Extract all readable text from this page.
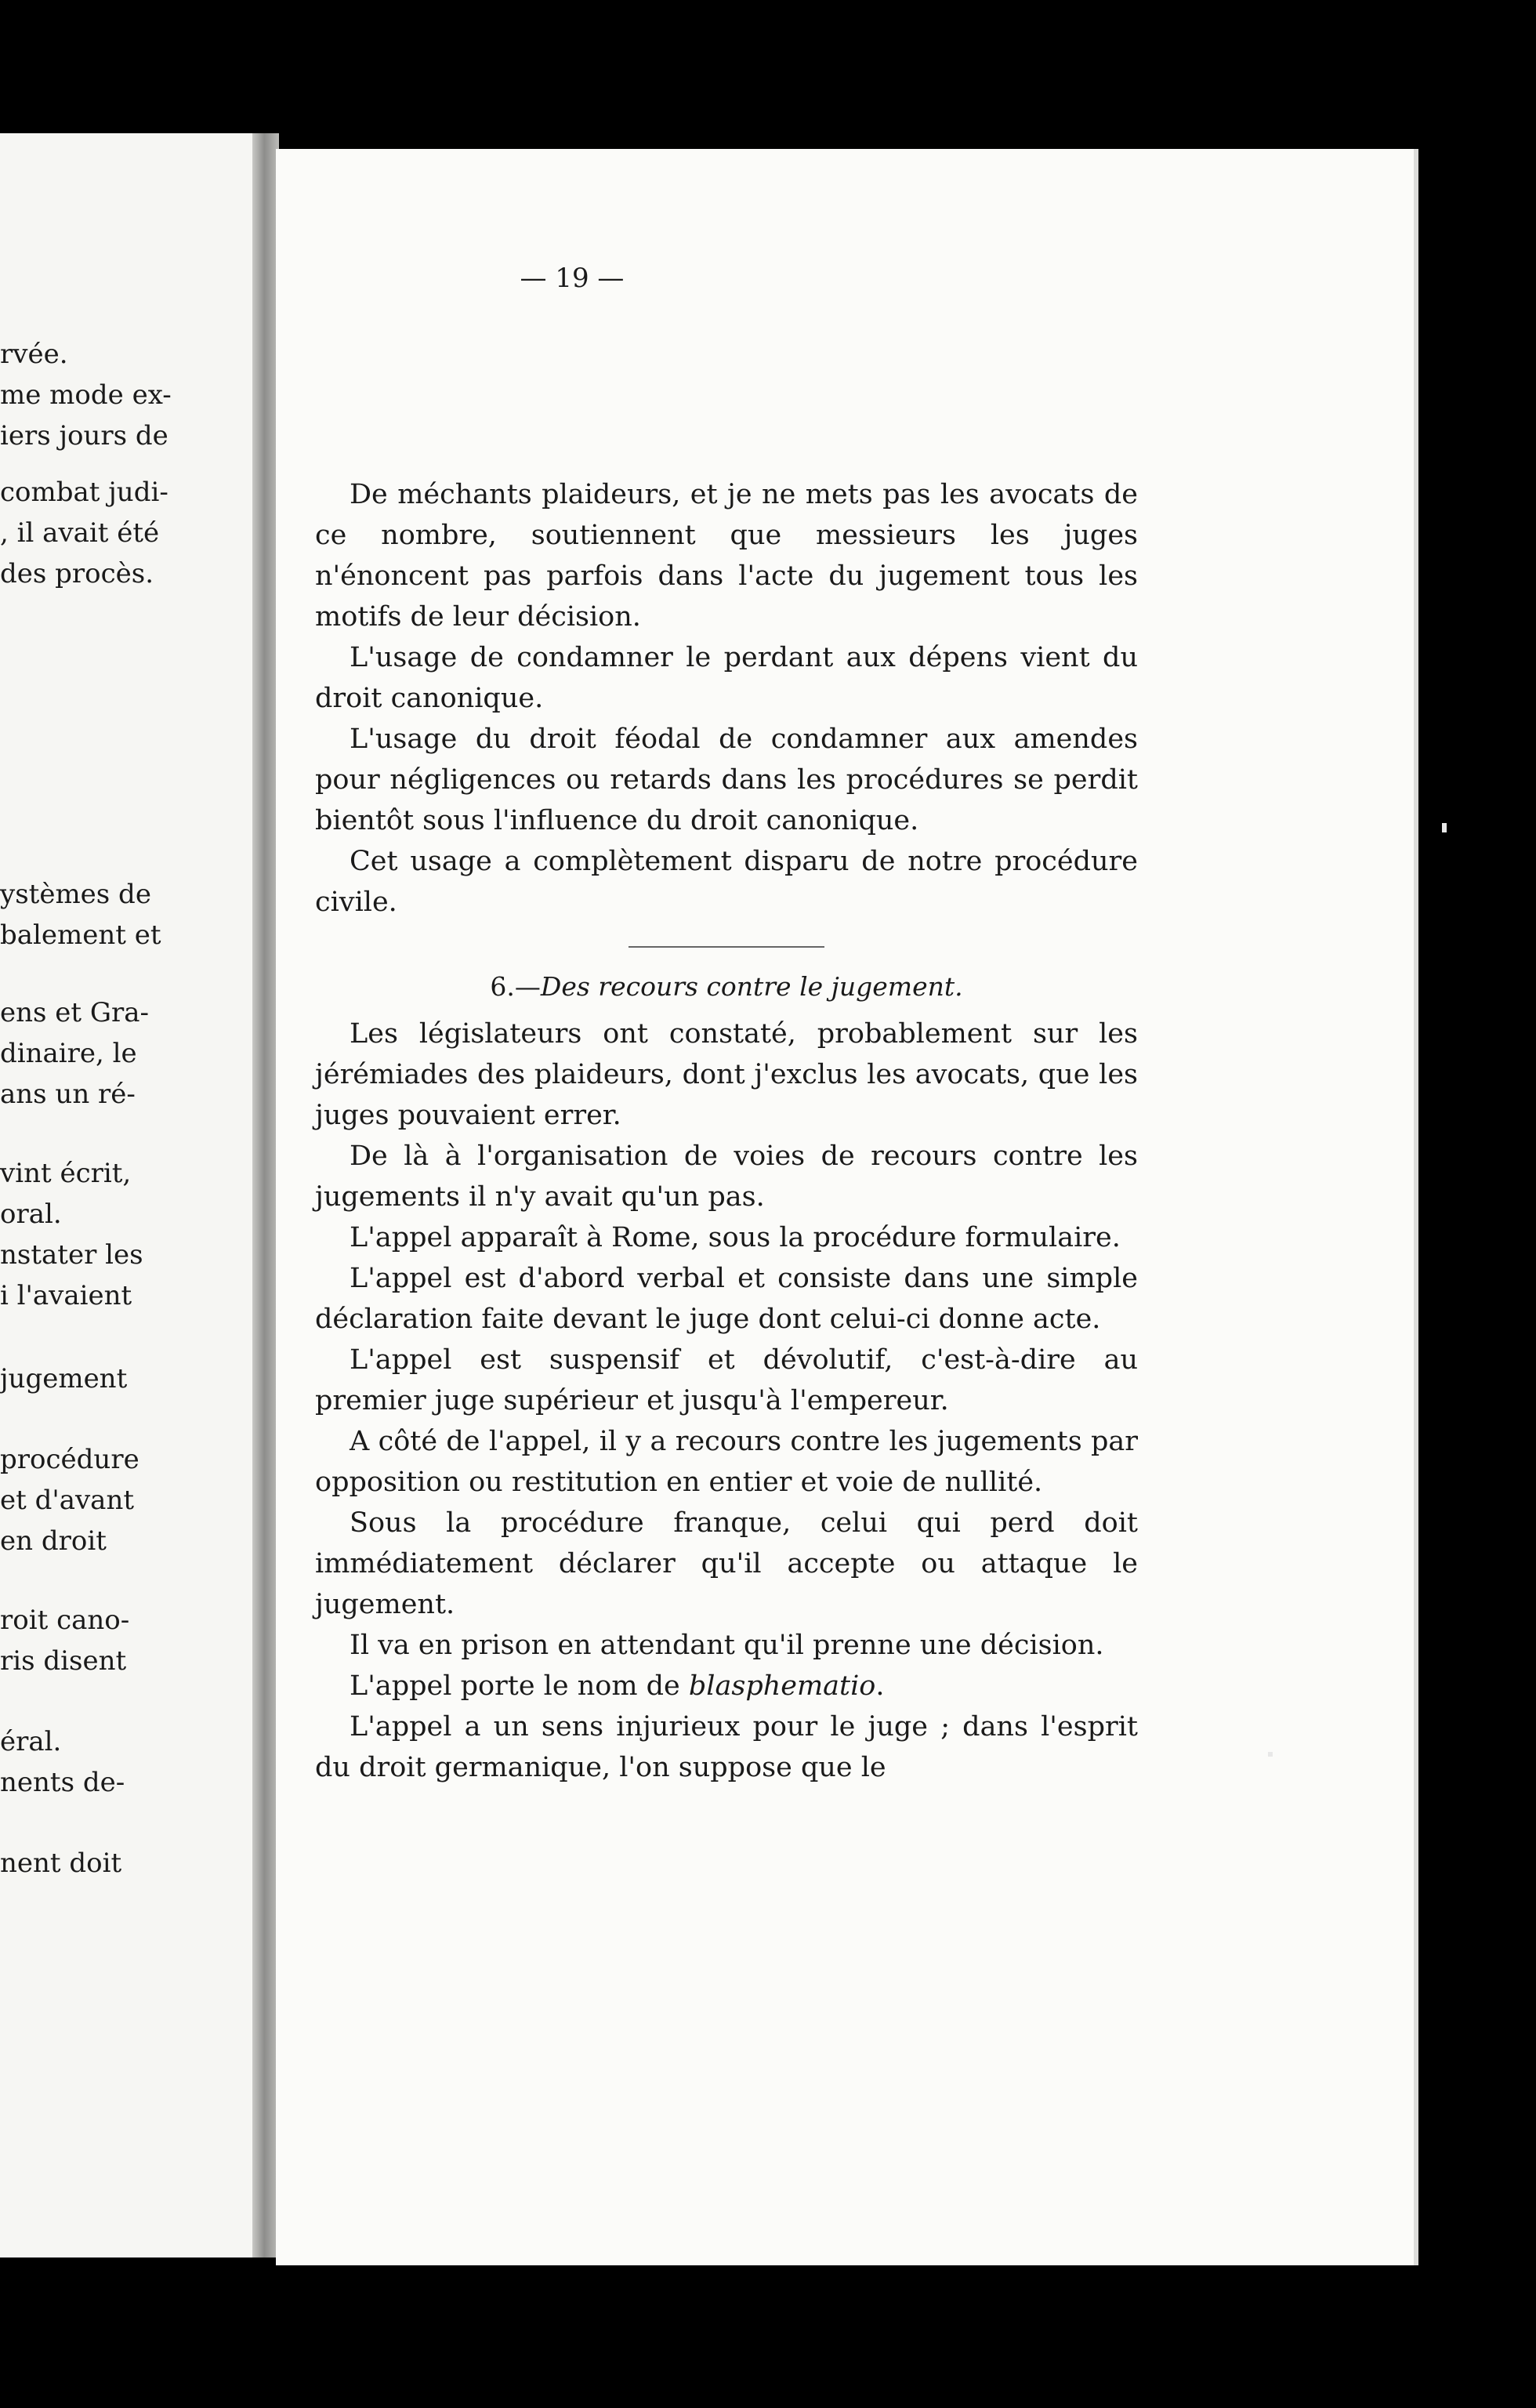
rvée.
me mode ex-
iers jours de
combat judi-
, il avait été
des procès.
ystèmes de
balement et
ens et Gra-
dinaire, le
ans un ré-
vint écrit,
oral.
nstater les
i l'avaient
jugement
procédure
et d'avant
en droit
roit cano-
ris disent
éral.
nents de-
nent doit
— 19 —

De méchants plaideurs, et je ne mets pas les avocats de ce nombre, soutiennent que messieurs les juges n'énoncent pas parfois dans l'acte du jugement tous les motifs de leur décision.

L'usage de condamner le perdant aux dépens vient du droit canonique.

L'usage du droit féodal de condamner aux amendes pour négligences ou retards dans les procédures se perdit bientôt sous l'influence du droit canonique.

Cet usage a complètement disparu de notre procédure civile.

6.—Des recours contre le jugement.

Les législateurs ont constaté, probablement sur les jérémiades des plaideurs, dont j'exclus les avocats, que les juges pouvaient errer.

De là à l'organisation de voies de recours contre les jugements il n'y avait qu'un pas.

L'appel apparaît à Rome, sous la procédure formulaire.

L'appel est d'abord verbal et consiste dans une simple déclaration faite devant le juge dont celui-ci donne acte.

L'appel est suspensif et dévolutif, c'est-à-dire au premier juge supérieur et jusqu'à l'empereur.

A côté de l'appel, il y a recours contre les jugements par opposition ou restitution en entier et voie de nullité.

Sous la procédure franque, celui qui perd doit immédiatement déclarer qu'il accepte ou attaque le jugement.

Il va en prison en attendant qu'il prenne une décision.

L'appel porte le nom de blasphematio.

L'appel a un sens injurieux pour le juge ; dans l'esprit du droit germanique, l'on suppose que le
